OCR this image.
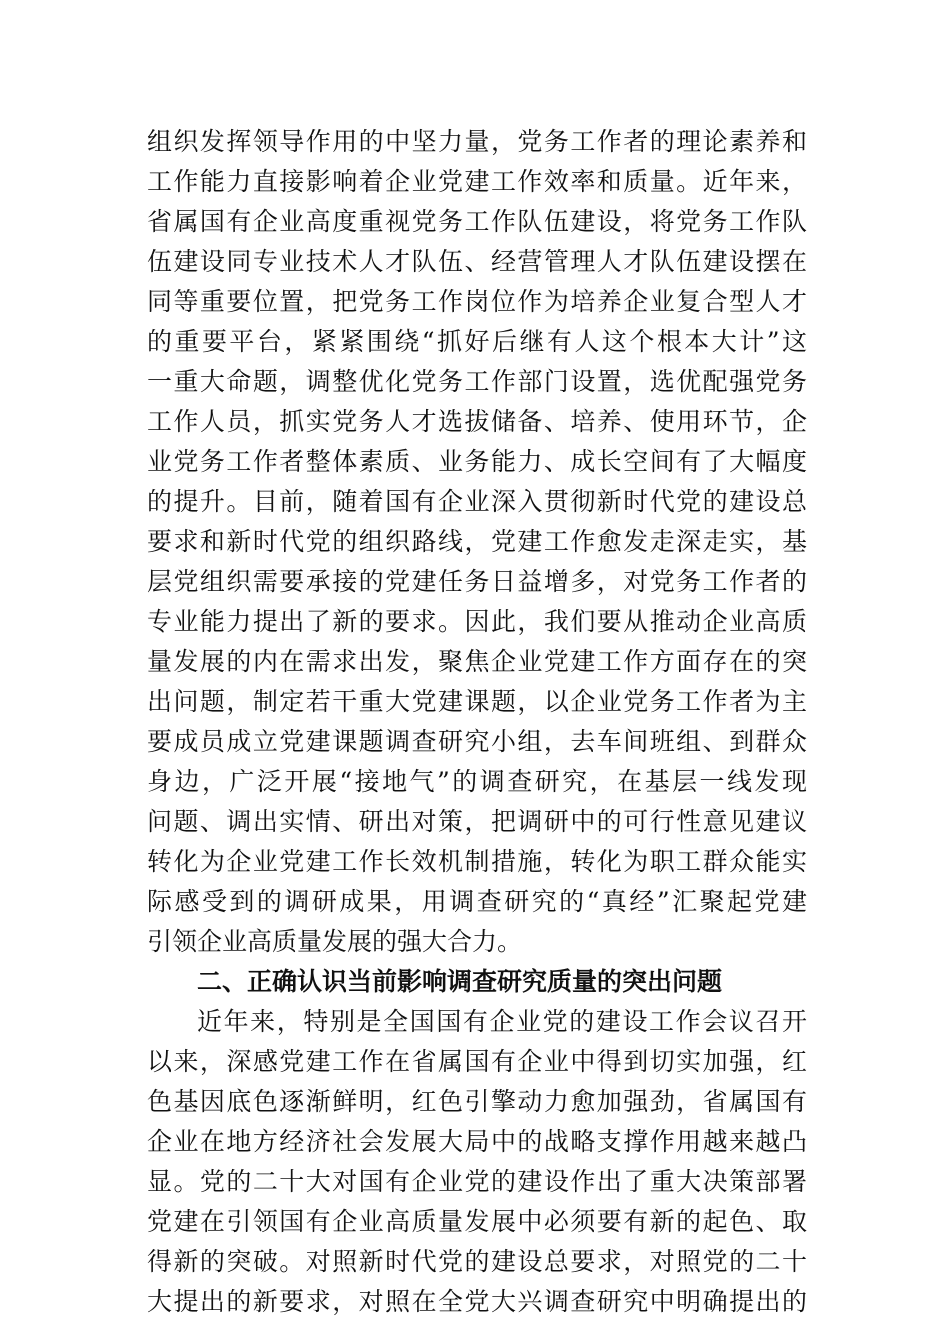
组织发挥领导作用的中坚力量，党务工作者的理论素养和
工作能力直接影响着企业党建工作效率和质量。近年来，
省属国有企业高度重视党务工作队伍建设，将党务工作队
伍建设同专业技术人才队伍、经营管理人才队伍建设摆在
同等重要位置，把党务工作岗位作为培养企业复合型人才
的重要平台，紧紧围绕“抓好后继有人这个根本大计”这
一重大命题，调整优化党务工作部门设置，选优配强党务
工作人员，抓实党务人才选拔储备、培养、使用环节，企
业党务工作者整体素质、业务能力、成长空间有了大幅度
的提升。目前，随着国有企业深入贯彻新时代党的建设总
要求和新时代党的组织路线，党建工作愈发走深走实，基
层党组织需要承接的党建任务日益增多，对党务工作者的
专业能力提出了新的要求。因此，我们要从推动企业高质
量发展的内在需求出发，聚焦企业党建工作方面存在的突
出问题，制定若干重大党建课题，以企业党务工作者为主
要成员成立党建课题调查研究小组，去车间班组、到群众
身边，广泛开展“接地气”的调查研究，在基层一线发现
问题、调出实情、研出对策，把调研中的可行性意见建议
转化为企业党建工作长效机制措施，转化为职工群众能实
际感受到的调研成果，用调查研究的“真经”汇聚起党建
引领企业高质量发展的强大合力。
二、正确认识当前影响调查研究质量的突出问题
近年来，特别是全国国有企业党的建设工作会议召开
以来，深感党建工作在省属国有企业中得到切实加强，红
色基因底色逐渐鲜明，红色引擎动力愈加强劲，省属国有
企业在地方经济社会发展大局中的战略支撑作用越来越凸
显。党的二十大对国有企业党的建设作出了重大决策部署
党建在引领国有企业高质量发展中必须要有新的起色、取
得新的突破。对照新时代党的建设总要求，对照党的二十
大提出的新要求，对照在全党大兴调查研究中明确提出的
